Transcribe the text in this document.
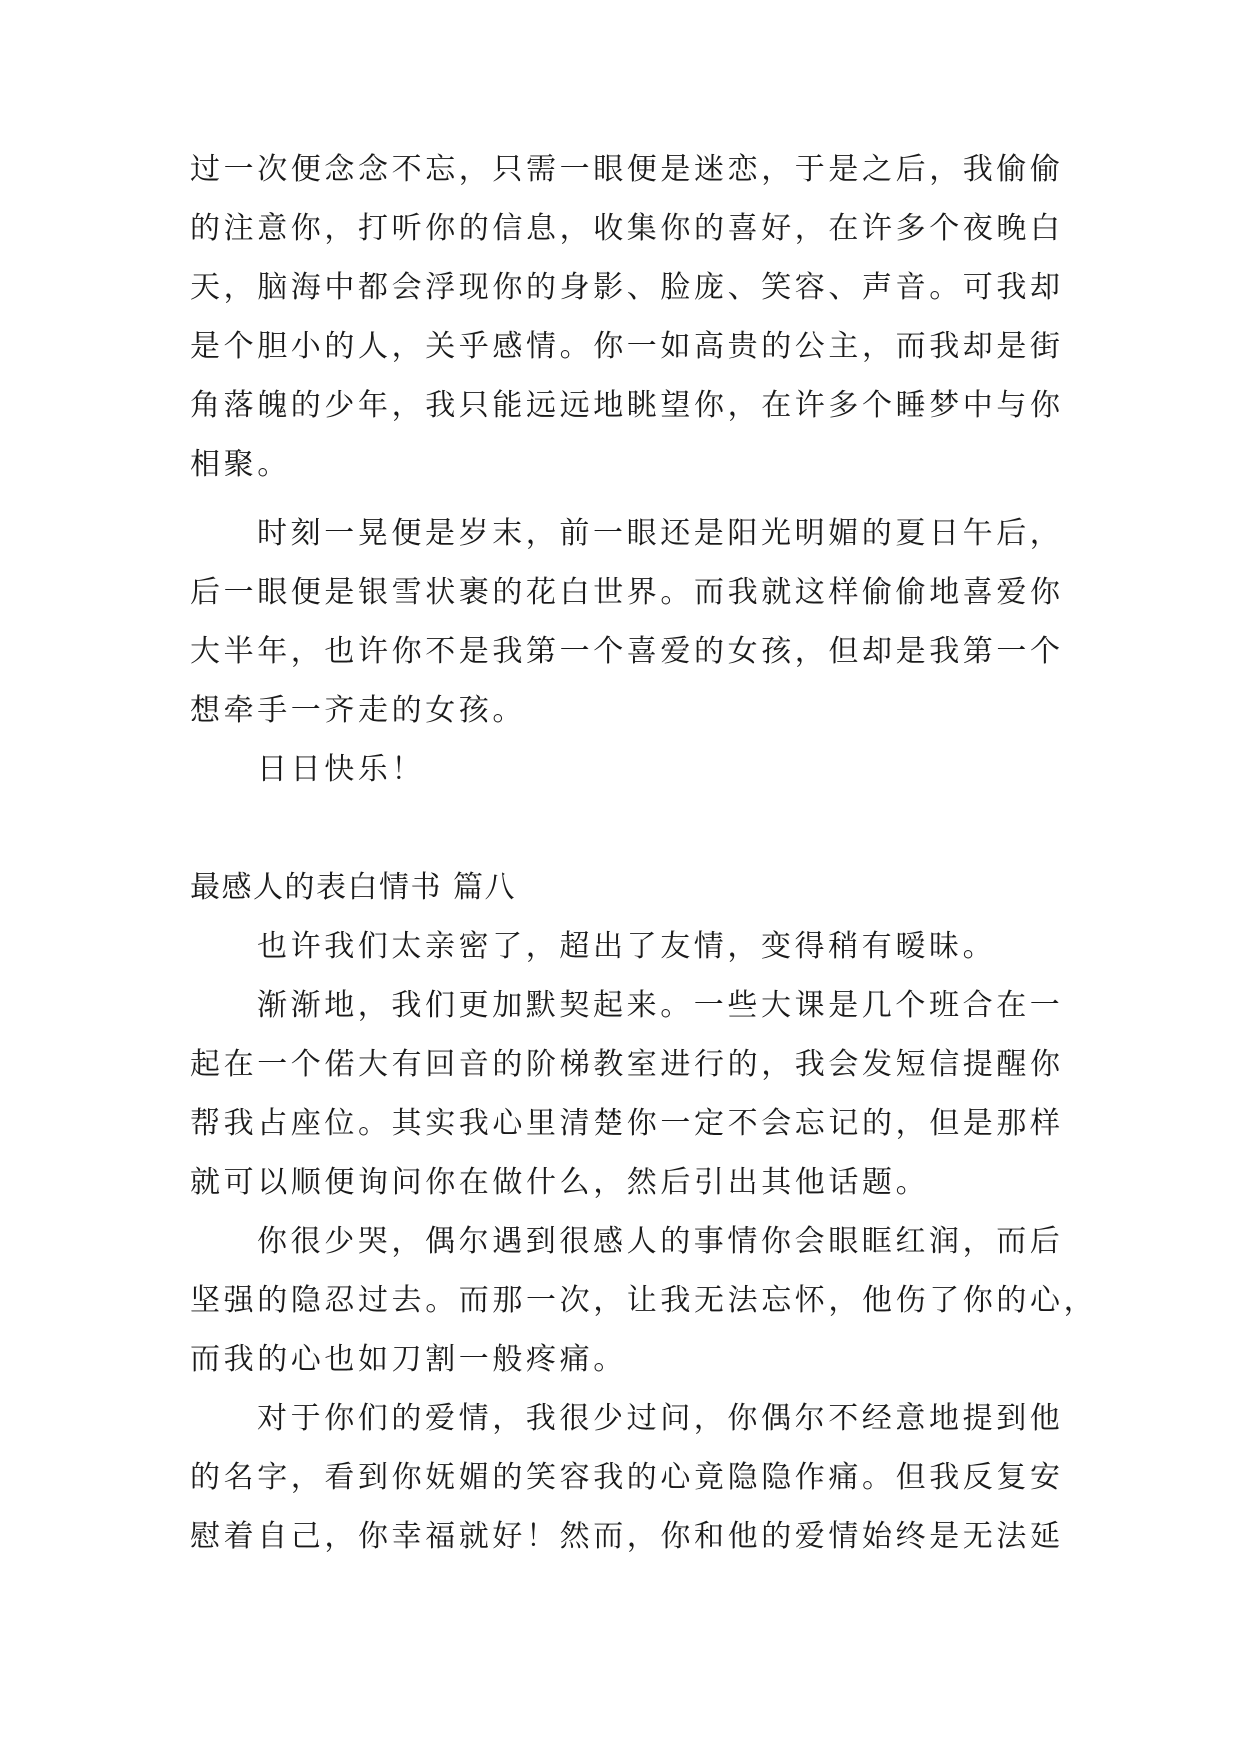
过一次便念念不忘，只需一眼便是迷恋，于是之后，我偷偷
的注意你，打听你的信息，收集你的喜好，在许多个夜晚白
天，脑海中都会浮现你的身影、脸庞、笑容、声音。可我却
是个胆小的人，关乎感情。你一如高贵的公主，而我却是街
角落魄的少年，我只能远远地眺望你，在许多个睡梦中与你
相聚。
时刻一晃便是岁末，前一眼还是阳光明媚的夏日午后，
后一眼便是银雪状裹的花白世界。而我就这样偷偷地喜爱你
大半年，也许你不是我第一个喜爱的女孩，但却是我第一个
想牵手一齐走的女孩。
日日快乐！
最感人的表白情书 篇八
也许我们太亲密了，超出了友情，变得稍有暧昧。
渐渐地，我们更加默契起来。一些大课是几个班合在一
起在一个偌大有回音的阶梯教室进行的，我会发短信提醒你
帮我占座位。其实我心里清楚你一定不会忘记的，但是那样
就可以顺便询问你在做什么，然后引出其他话题。
你很少哭，偶尔遇到很感人的事情你会眼眶红润，而后
坚强的隐忍过去。而那一次，让我无法忘怀，他伤了你的心，
而我的心也如刀割一般疼痛。
对于你们的爱情，我很少过问，你偶尔不经意地提到他
的名字，看到你妩媚的笑容我的心竟隐隐作痛。但我反复安
慰着自己，你幸福就好！然而，你和他的爱情始终是无法延
